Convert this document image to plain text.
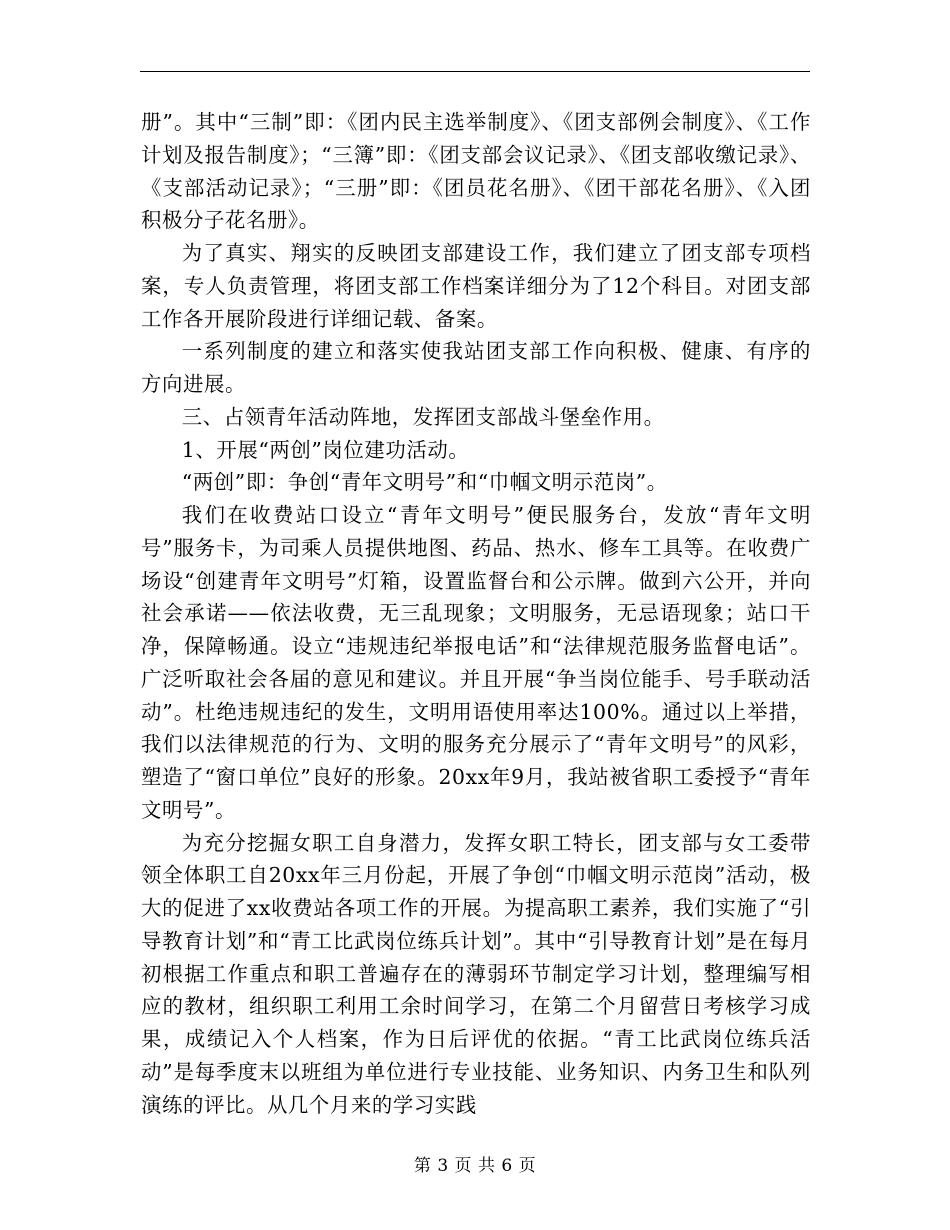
册”。其中“三制”即：《团内民主选举制度》、《团支部例会制度》、《工作计划及报告制度》；“三簿”即：《团支部会议记录》、《团支部收缴记录》、《支部活动记录》；“三册”即：《团员花名册》、《团干部花名册》、《入团积极分子花名册》。

为了真实、翔实的反映团支部建设工作，我们建立了团支部专项档案，专人负责管理，将团支部工作档案详细分为了12个科目。对团支部工作各开展阶段进行详细记载、备案。

一系列制度的建立和落实使我站团支部工作向积极、健康、有序的方向进展。

三、占领青年活动阵地，发挥团支部战斗堡垒作用。

1、开展“两创”岗位建功活动。

“两创”即：争创“青年文明号”和“巾帼文明示范岗”。

我们在收费站口设立“青年文明号”便民服务台，发放“青年文明号”服务卡，为司乘人员提供地图、药品、热水、修车工具等。在收费广场设“创建青年文明号”灯箱，设置监督台和公示牌。做到六公开，并向社会承诺——依法收费，无三乱现象；文明服务，无忌语现象；站口干净，保障畅通。设立“违规违纪举报电话”和“法律规范服务监督电话”。广泛听取社会各届的意见和建议。并且开展“争当岗位能手、号手联动活动”。杜绝违规违纪的发生，文明用语使用率达100%。通过以上举措，我们以法律规范的行为、文明的服务充分展示了“青年文明号”的风彩，塑造了“窗口单位”良好的形象。20xx年9月，我站被省职工委授予“青年文明号”。

为充分挖掘女职工自身潜力，发挥女职工特长，团支部与女工委带领全体职工自20xx年三月份起，开展了争创“巾帼文明示范岗”活动，极大的促进了xx收费站各项工作的开展。为提高职工素养，我们实施了“引导教育计划”和“青工比武岗位练兵计划”。其中“引导教育计划”是在每月初根据工作重点和职工普遍存在的薄弱环节制定学习计划，整理编写相应的教材，组织职工利用工余时间学习，在第二个月留营日考核学习成果，成绩记入个人档案，作为日后评优的依据。“青工比武岗位练兵活动”是每季度末以班组为单位进行专业技能、业务知识、内务卫生和队列演练的评比。从几个月来的学习实践

第 3 页 共 6 页
